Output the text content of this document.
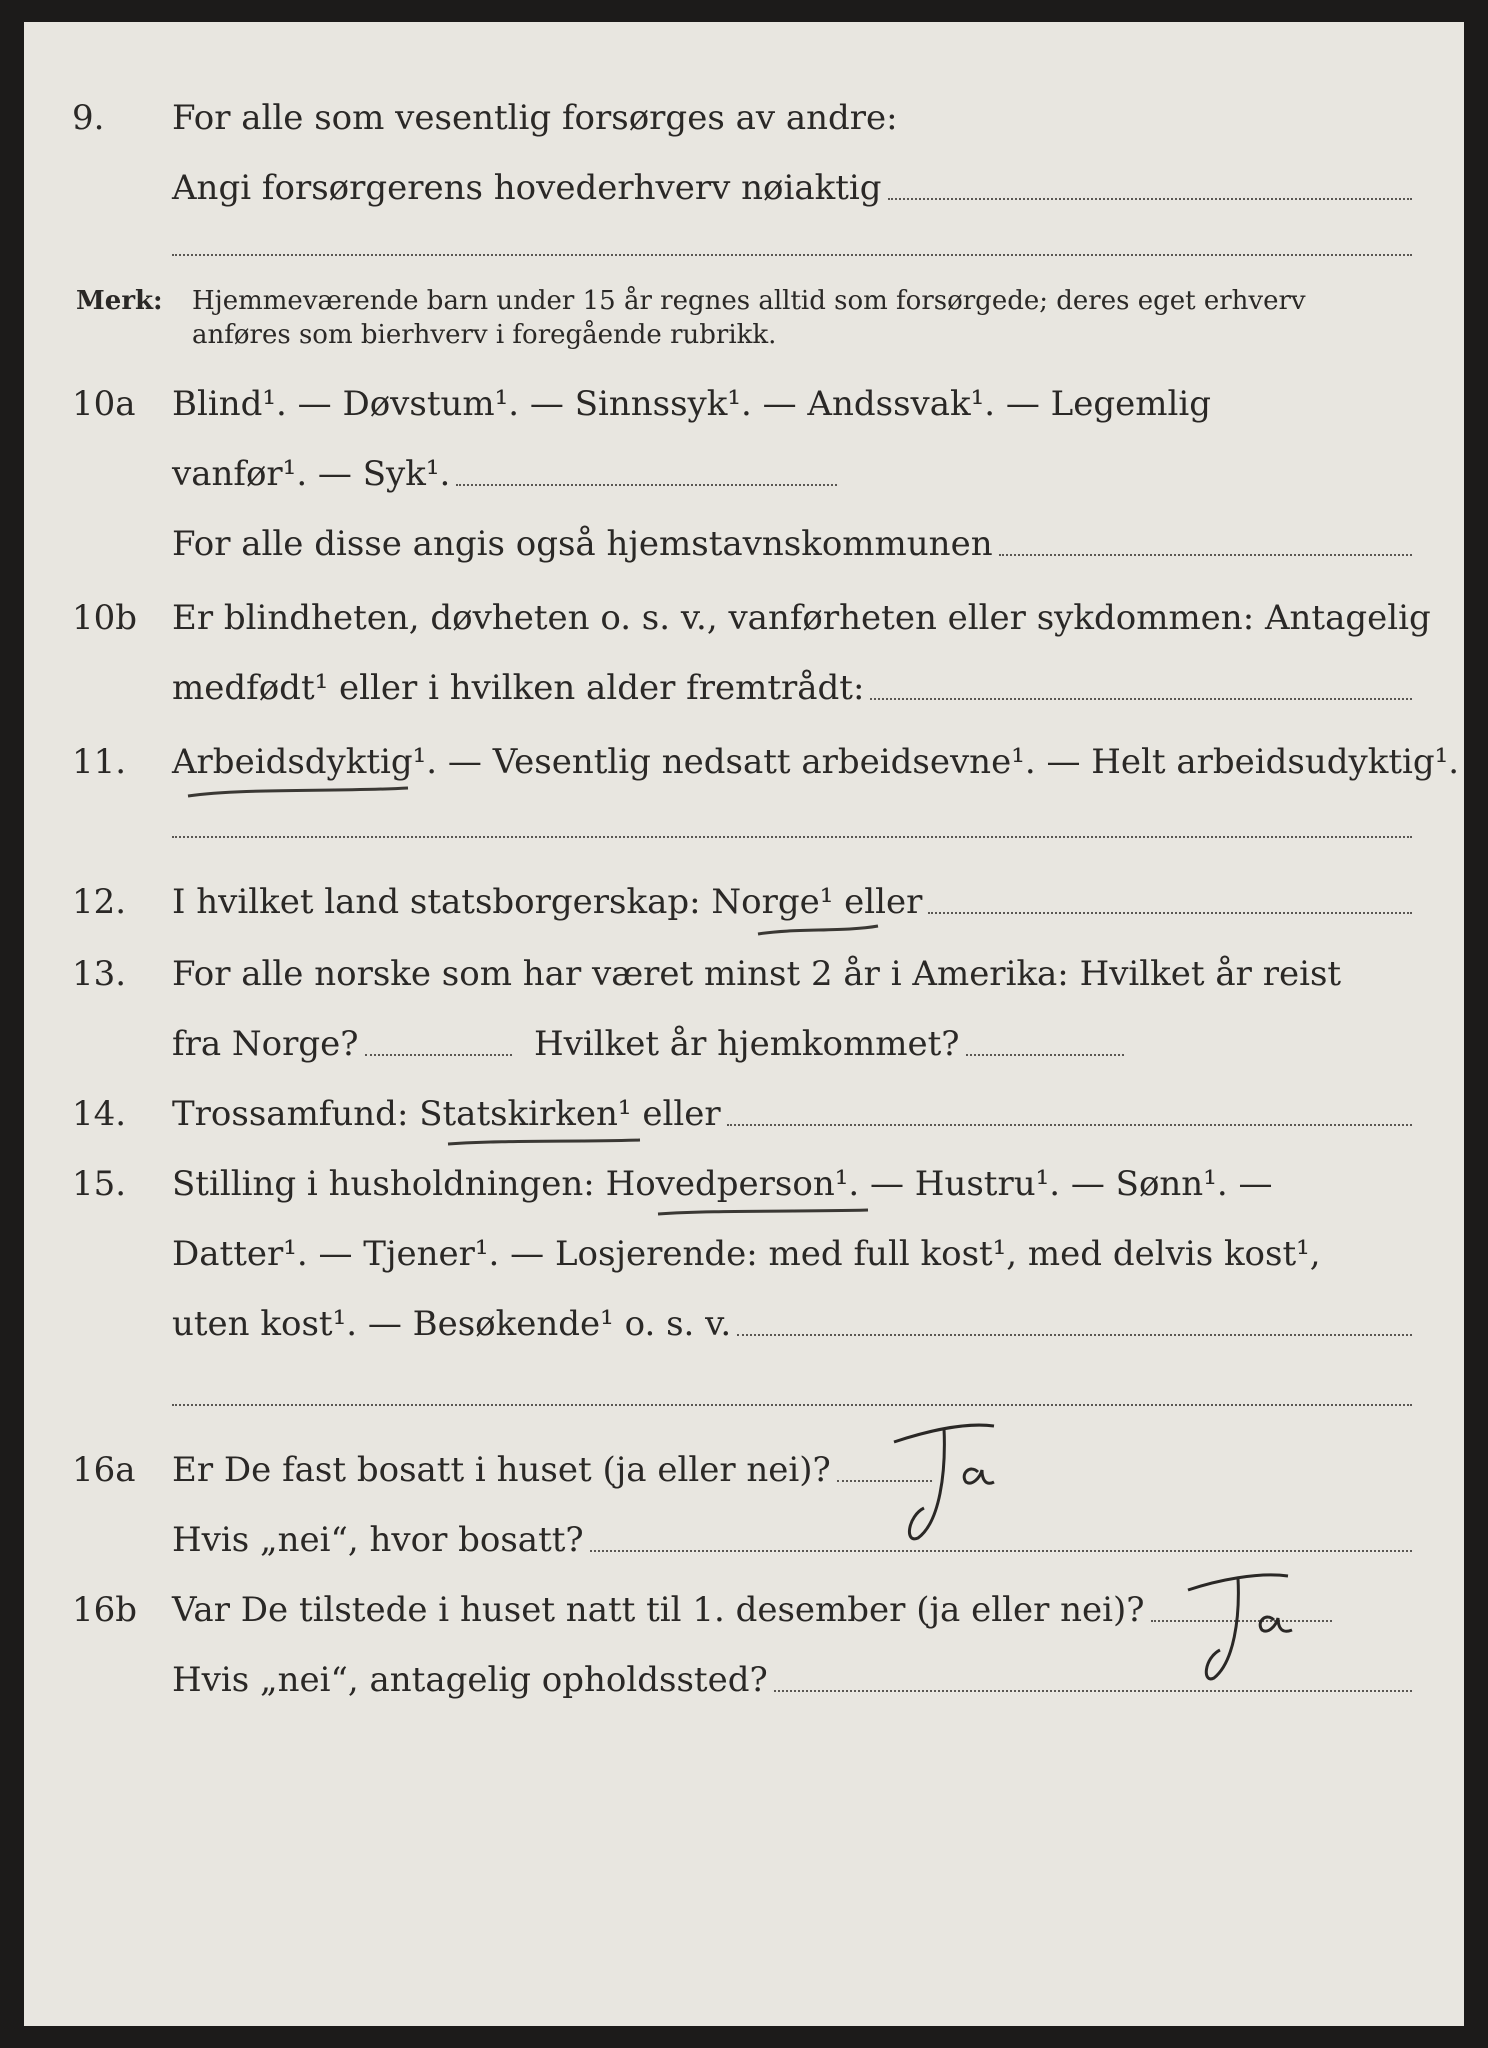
9. For alle som vesentlig forsørges av andre:
Angi forsørgerens hovederhverv nøiaktig
Merk: Hjemmeværende barn under 15 år regnes alltid som forsørgede; deres eget erhverv anføres som bierhverv i foregående rubrikk.
10a Blind¹. — Døvstum¹. — Sinnssyk¹. — Andssvak¹. — Legemlig
vanfør¹. — Syk¹.
For alle disse angis også hjemstavnskommunen
10b Er blindheten, døvheten o. s. v., vanførheten eller sykdommen: Antagelig
medfødt¹ eller i hvilken alder fremtrådt:
11. Arbeidsdyktig¹. — Vesentlig nedsatt arbeidsevne¹. — Helt arbeidsudyktig¹.
12. I hvilket land statsborgerskap: Norge¹ eller
13. For alle norske som har været minst 2 år i Amerika: Hvilket år reist
fra Norge?	Hvilket år hjemkommet?
14. Trossamfund: Statskirken¹ eller
15. Stilling i husholdningen: Hovedperson¹. — Hustru¹. — Sønn¹. —
Datter¹. — Tjener¹. — Losjerende: med full kost¹, med delvis kost¹,
uten kost¹. — Besøkende¹ o. s. v.
16a Er De fast bosatt i huset (ja eller nei)?
Hvis „nei“, hvor bosatt?
16b Var De tilstede i huset natt til 1. desember (ja eller nei)?
Hvis „nei“, antagelig opholdssted?
